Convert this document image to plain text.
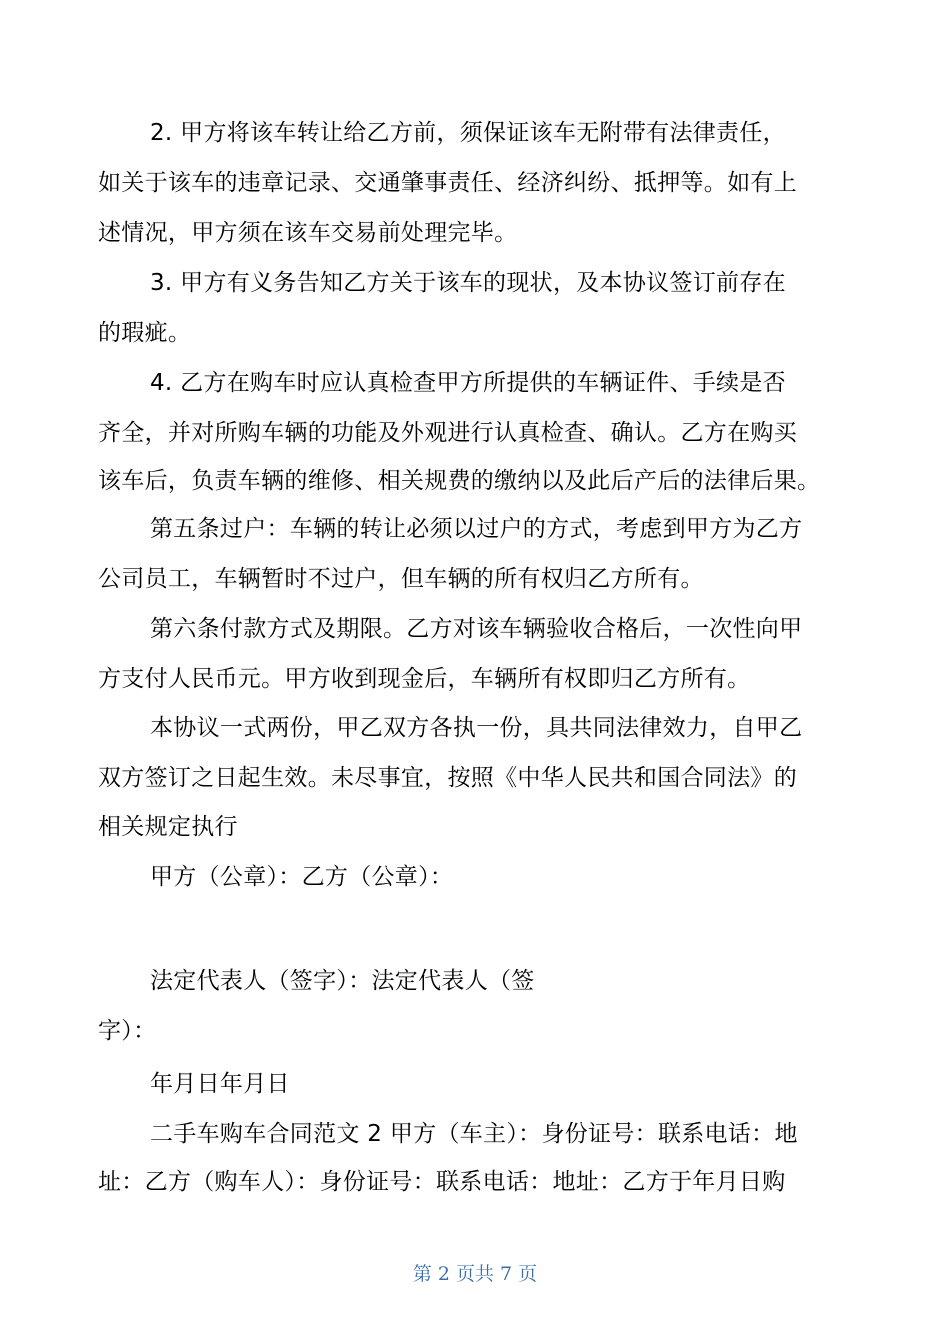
2. 甲方将该车转让给乙方前，须保证该车无附带有法律责任，
如关于该车的违章记录、交通肇事责任、经济纠纷、抵押等。如有上
述情况，甲方须在该车交易前处理完毕。
3. 甲方有义务告知乙方关于该车的现状，及本协议签订前存在
的瑕疵。
4. 乙方在购车时应认真检查甲方所提供的车辆证件、手续是否
齐全，并对所购车辆的功能及外观进行认真检查、确认。乙方在购买
该车后，负责车辆的维修、相关规费的缴纳以及此后产后的法律后果。
第五条过户：车辆的转让必须以过户的方式，考虑到甲方为乙方
公司员工，车辆暂时不过户，但车辆的所有权归乙方所有。
第六条付款方式及期限。乙方对该车辆验收合格后，一次性向甲
方支付人民币元。甲方收到现金后，车辆所有权即归乙方所有。
本协议一式两份，甲乙双方各执一份，具共同法律效力，自甲乙
双方签订之日起生效。未尽事宜，按照《中华人民共和国合同法》的
相关规定执行
甲方（公章）：乙方（公章）：
法定代表人（签字）：法定代表人（签
字）：
年月日年月日
二手车购车合同范文 2 甲方（车主）：身份证号：联系电话：地
址：乙方（购车人）：身份证号：联系电话：地址：乙方于年月日购
第 2 页共 7 页
